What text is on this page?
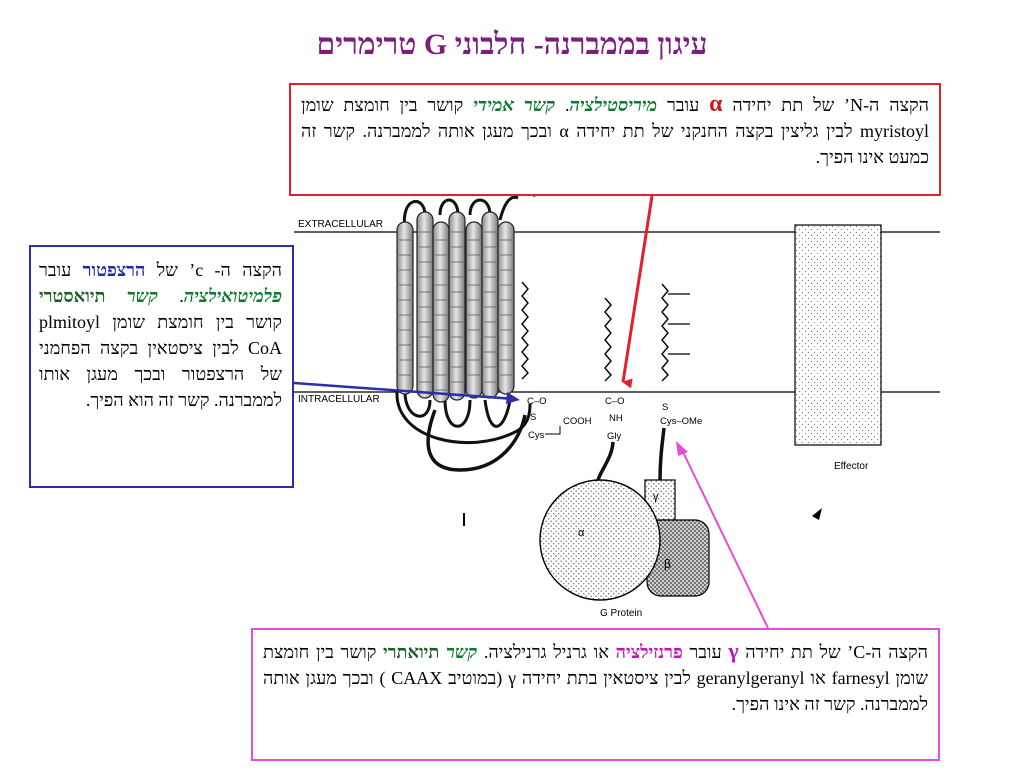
עיגון בממברנה- חלבוני G טרימרים
EXTRACELLULAR
INTRACELLULAR	C–O
S
Cys
COOH
C–O
NH
Gly
S
Cys–OMe
γ
β
α
G Protein
Effector
הקצה ה-N’ של תת יחידה α עובר מיריסטילציה. קשר אמידי קושר בין חומצת שומן myristoyl לבין גליצין בקצה החנקני של תת יחידה α ובכך מעגן אותה לממברנה. קשר זה כמעט אינו הפיך.
הקצה ה- c’ של הרצפטור עובר פלמיטואילציה. קשר תיואסטרי קושר בין חומצת שומן plmitoyl CoA לבין ציסטאין בקצה הפחמני של הרצפטור ובכך מעגן אותו לממברנה. קשר זה הוא הפיך.
הקצה ה-C’ של תת יחידה γ עובר פרנזילציה או גרניל גרנילציה. קשר תיואתרי קושר בין חומצת שומן farnesyl או geranylgeranyl לבין ציסטאין בתת יחידה γ (במוטיב CAAX ) ובכך מעגן אותה לממברנה. קשר זה אינו הפיך.
